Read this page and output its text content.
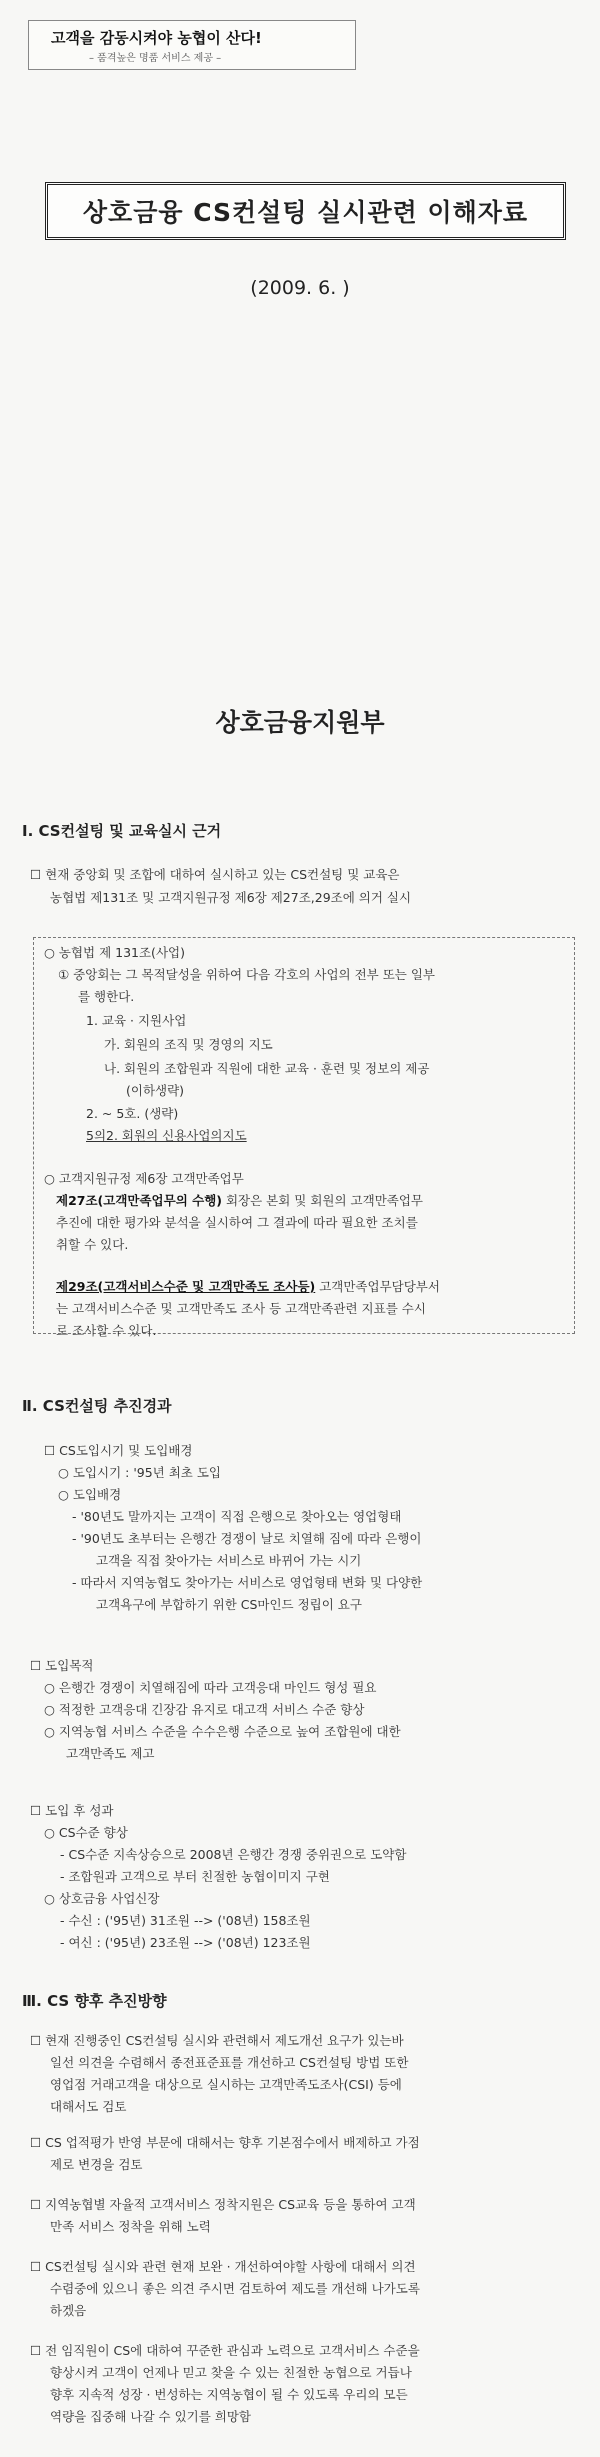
고객을 감동시켜야 농협이 산다!
– 품격높은 명품 서비스 제공 –
상호금융 CS컨설팅 실시관련 이해자료
(2009. 6. )
상호금융지원부
Ⅰ. CS컨설팅 및 교육실시 근거
☐ 현재 중앙회 및 조합에 대하여 실시하고 있는 CS컨설팅 및 교육은
농협법 제131조 및 고객지원규정 제6장 제27조,29조에 의거 실시
○ 농협법 제 131조(사업)
① 중앙회는 그 목적달성을 위하여 다음 각호의 사업의 전부 또는 일부
를 행한다.
1. 교육 · 지원사업
가. 회원의 조직 및 경영의 지도
나. 회원의 조합원과 직원에 대한 교육 · 훈련 및 정보의 제공
(이하생략)
2. ~ 5호. (생략)
5의2. 회원의 신용사업의지도
○ 고객지원규정 제6장 고객만족업무
제27조(고객만족업무의 수행) 회장은 본회 및 회원의 고객만족업무
추진에 대한 평가와 분석을 실시하여 그 결과에 따라 필요한 조치를
취할 수 있다.
제29조(고객서비스수준 및 고객만족도 조사등) 고객만족업무담당부서
는 고객서비스수준 및 고객만족도 조사 등 고객만족관련 지표를 수시
로 조사할 수 있다.
Ⅱ. CS컨설팅 추진경과
☐ CS도입시기 및 도입배경
○ 도입시기 : '95년 최초 도입
○ 도입배경
- '80년도 말까지는 고객이 직접 은행으로 찾아오는 영업형태
- '90년도 초부터는 은행간 경쟁이 날로 치열해 짐에 따라 은행이
고객을 직접 찾아가는 서비스로 바뀌어 가는 시기
- 따라서 지역농협도 찾아가는 서비스로 영업형태 변화 및 다양한
고객욕구에 부합하기 위한 CS마인드 정립이 요구
☐ 도입목적
○ 은행간 경쟁이 치열해짐에 따라 고객응대 마인드 형성 필요
○ 적정한 고객응대 긴장감 유지로 대고객 서비스 수준 향상
○ 지역농협 서비스 수준을 수수은행 수준으로 높여 조합원에 대한
고객만족도 제고
☐ 도입 후 성과
○ CS수준 향상
- CS수준 지속상승으로 2008년 은행간 경쟁 중위권으로 도약함
- 조합원과 고객으로 부터 친절한 농협이미지 구현
○ 상호금융 사업신장
- 수신 : ('95년) 31조원 --> ('08년) 158조원
- 여신 : ('95년) 23조원 --> ('08년) 123조원
Ⅲ. CS 향후 추진방향
☐ 현재 진행중인 CS컨설팅 실시와 관련해서 제도개선 요구가 있는바
일선 의견을 수렴해서 종전표준표를 개선하고 CS컨설팅 방법 또한
영업점 거래고객을 대상으로 실시하는 고객만족도조사(CSI) 등에
대해서도 검토
☐ CS 업적평가 반영 부문에 대해서는 향후 기본점수에서 배제하고 가점
제로 변경을 검토
☐ 지역농협별 자율적 고객서비스 정착지원은 CS교육 등을 통하여 고객
만족 서비스 정착을 위해 노력
☐ CS컨설팅 실시와 관련 현재 보완 · 개선하여야할 사항에 대해서 의견
수렴중에 있으니 좋은 의견 주시면 검토하여 제도를 개선해 나가도록
하겠음
☐ 전 임직원이 CS에 대하여 꾸준한 관심과 노력으로 고객서비스 수준을
향상시켜 고객이 언제나 믿고 찾을 수 있는 친절한 농협으로 거듭나
향후 지속적 성장 · 번성하는 지역농협이 될 수 있도록 우리의 모든
역량을 집중해 나갈 수 있기를 희망함
